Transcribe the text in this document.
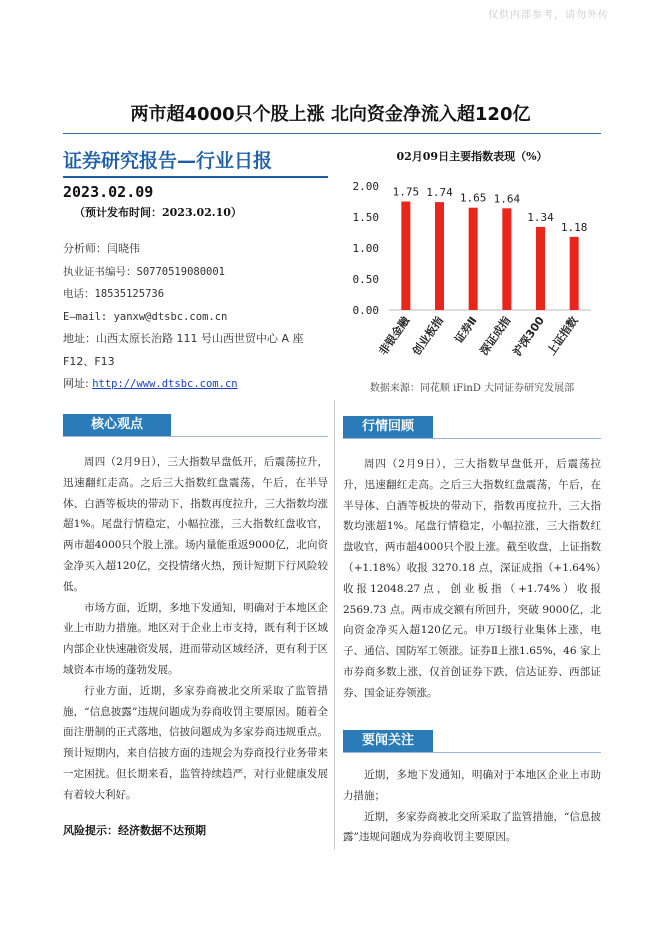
仅供内部参考，请勿外传
两市超4000只个股上涨 北向资金净流入超120亿
证券研究报告—行业日报
2023.02.09
（预计发布时间：2023.02.10）
分析师：闫晓伟
执业证书编号：S0770519080001
电话：18535125736
E—mail: yanxw@dtsbc.com.cn
地址：山西太原长治路 111 号山西世贸中心 A 座
F12、F13
网址: http://www.dtsbc.com.cn
02月09日主要指数表现（%）
2.00
1.50
1.00
0.50
0.00
1.75
非银金融
1.74
创业板指
1.65
证券Ⅱ
1.64
深证成指
1.34
沪深300
1.18
上证指数
数据来源：同花顺 iFinD 大同证券研究发展部
核心观点

周四（2月9日），三大指数早盘低开，后震荡拉升，迅速翻红走高。之后三大指数红盘震荡，午后，在半导体、白酒等板块的带动下，指数再度拉升，三大指数均涨超1%。尾盘行情稳定，小幅拉涨，三大指数红盘收官，两市超4000只个股上涨。场内量能重返9000亿，北向资金净买入超120亿，交投情绪火热，预计短期下行风险较低。

市场方面，近期，多地下发通知，明确对于本地区企业上市助力措施。地区对于企业上市支持，既有利于区域内部企业快速融资发展，进而带动区域经济，更有利于区域资本市场的蓬勃发展。

行业方面，近期，多家券商被北交所采取了监管措施，“信息披露”违规问题成为券商收罚主要原因。随着全面注册制的正式落地，信披问题成为多家券商违规重点。预计短期内，来自信披方面的违规会为券商投行业务带来一定困扰。但长期来看，监管持续趋严，对行业健康发展有着较大利好。

风险提示：经济数据不达预期
行情回顾

周四（2月9日），三大指数早盘低开，后震荡拉升，迅速翻红走高。之后三大指数红盘震荡，午后，在半导体、白酒等板块的带动下，指数再度拉升，三大指数均涨超1%。尾盘行情稳定，小幅拉涨，三大指数红盘收官，两市超4000只个股上涨。截至收盘，上证指数（+1.18%）收报 3270.18 点，深证成指（+1.64%）收报12048.27点，创业板指（+1.74%）收报 2569.73 点。两市成交额有所回升，突破 9000亿，北向资金净买入超120亿元。申万Ⅰ级行业集体上涨，电子、通信、国防军工领涨。证券Ⅱ上涨1.65%，46 家上市券商多数上涨，仅首创证券下跌，信达证券、西部证券、国金证券领涨。

要闻关注

近期，多地下发通知，明确对于本地区企业上市助力措施；

近期，多家券商被北交所采取了监管措施，“信息披露”违规问题成为券商收罚主要原因。
